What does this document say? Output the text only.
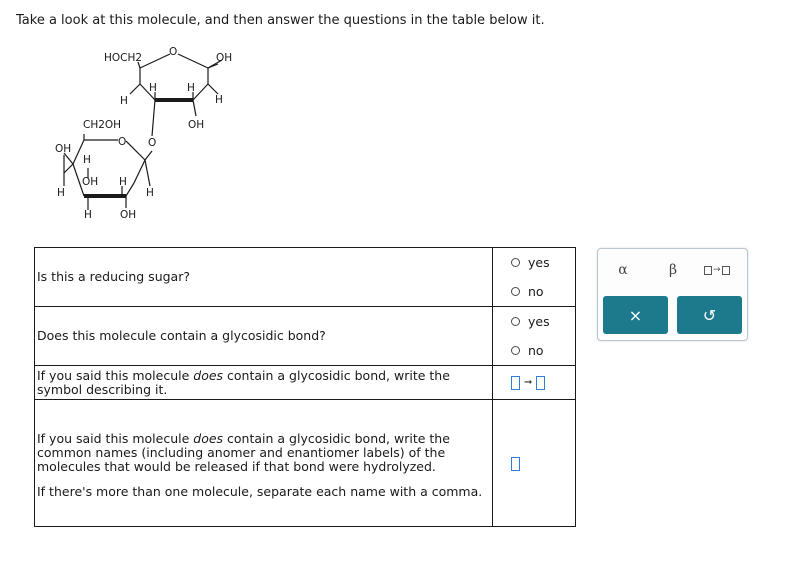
Take a look at this molecule, and then answer the questions in the table below it.
HOCH2	O	OH
H	H
H	H
OH
CH2OH
O O
OH
H
H
OH H
H
H	OH
Is this a reducing sugar?	yes
no

Does this molecule contain a glycosidic bond?	yes
no

If you said this molecule does contain a glycosidic bond, write the symbol describing it.	➞

If you said this molecule does contain a glycosidic bond, write the common names (including anomer and enantiomer labels) of the molecules that would be released if that bond were hydrolyzed.
If there's more than one molecule, separate each name with a comma.	

α	β	→
×	↺
